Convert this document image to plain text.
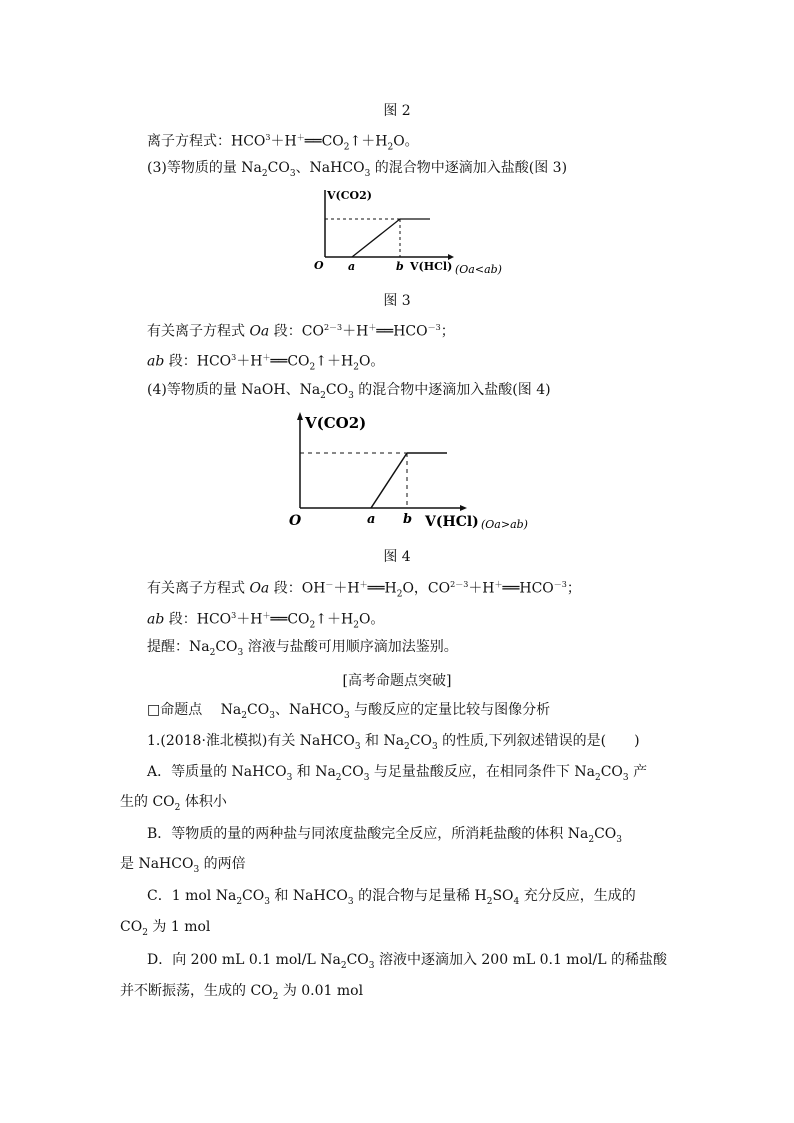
图 2
离子方程式：$HCO^3+H^+══CO_2↑+H_2O$。
(3)等物质的量 $Na_2CO_3$、NaHCO$_3$ 的混合物中逐滴加入盐酸(图 3)
V(CO2)
O a	b V(HCl) (Oa<ab)
图 3
有关离子方程式 Oa 段：$CO^{2-3}+H^+══HCO^{-3}$；
ab 段：$HCO^3+H^+══CO_2↑+H_2O$。
(4)等物质的量 NaOH、$Na_2CO_3$ 的混合物中逐滴加入盐酸(图 4)
V(CO2)
O	a b V(HCl) (Oa>ab)
图 4
有关离子方程式 Oa 段：$OH^-+H^+══H_2O$，$CO^{2-3}+H^+══HCO^{-3}$；
ab 段：$HCO^3+H^+══CO_2↑+H_2O$。
提醒：$Na_2CO_3$ 溶液与盐酸可用顺序滴加法鉴别。
[高考命题点突破]
□命题点　 $Na_2CO_3$、NaHCO$_3$ 与酸反应的定量比较与图像分析
1.(2018·淮北模拟)有关 NaHCO$_3$ 和 $Na_2CO_3$ 的性质,下列叙述错误的是(　　)
A．等质量的 NaHCO$_3$ 和 $Na_2CO_3$ 与足量盐酸反应，在相同条件下 $Na_2CO_3$ 产
生的 $CO_2$ 体积小
B．等物质的量的两种盐与同浓度盐酸完全反应，所消耗盐酸的体积 $Na_2CO_3$
是 NaHCO$_3$ 的两倍
C．1 mol $Na_2CO_3$ 和 NaHCO$_3$ 的混合物与足量稀 $H_2SO_4$ 充分反应，生成的
$CO_2$ 为 1 mol
D．向 200 mL 0.1 mol/L $Na_2CO_3$ 溶液中逐滴加入 200 mL 0.1 mol/L 的稀盐酸
并不断振荡，生成的 $CO_2$ 为 0.01 mol
